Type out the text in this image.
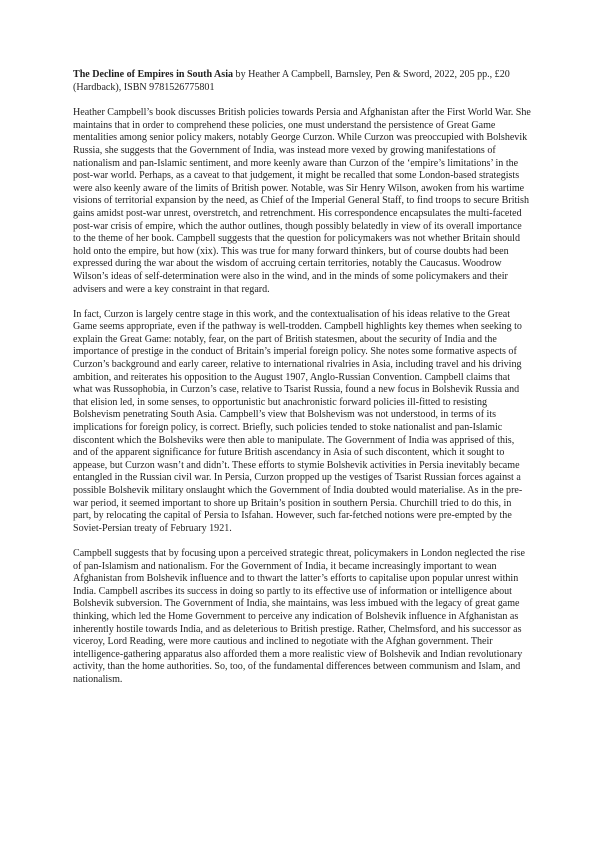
The Decline of Empires in South Asia by Heather A Campbell, Barnsley, Pen & Sword, 2022, 205 pp., £20 (Hardback), ISBN 9781526775801

Heather Campbell’s book discusses British policies towards Persia and Afghanistan after the First World War. She maintains that in order to comprehend these policies, one must understand the persistence of Great Game mentalities among senior policy makers, notably George Curzon. While Curzon was preoccupied with Bolshevik Russia, she suggests that the Government of India, was instead more vexed by growing manifestations of nationalism and pan-Islamic sentiment, and more keenly aware than Curzon of the ‘empire’s limitations’ in the post-war world. Perhaps, as a caveat to that judgement, it might be recalled that some London-based strategists were also keenly aware of the limits of British power. Notable, was Sir Henry Wilson, awoken from his wartime visions of territorial expansion by the need, as Chief of the Imperial General Staff, to find troops to secure British gains amidst post-war unrest, overstretch, and retrenchment. His correspondence encapsulates the multi-faceted post-war crisis of empire, which the author outlines, though possibly belatedly in view of its overall importance to the theme of her book. Campbell suggests that the question for policymakers was not whether Britain should hold onto the empire, but how (xix). This was true for many forward thinkers, but of course doubts had been expressed during the war about the wisdom of accruing certain territories, notably the Caucasus. Woodrow Wilson’s ideas of self-determination were also in the wind, and in the minds of some policymakers and their advisers and were a key constraint in that regard.

In fact, Curzon is largely centre stage in this work, and the contextualisation of his ideas relative to the Great Game seems appropriate, even if the pathway is well-trodden. Campbell highlights key themes when seeking to explain the Great Game: notably, fear, on the part of British statesmen, about the security of India and the importance of prestige in the conduct of Britain’s imperial foreign policy. She notes some formative aspects of Curzon’s background and early career, relative to international rivalries in Asia, including travel and his driving ambition, and reiterates his opposition to the August 1907, Anglo-Russian Convention. Campbell claims that what was Russophobia, in Curzon’s case, relative to Tsarist Russia, found a new focus in Bolshevik Russia and that elision led, in some senses, to opportunistic but anachronistic forward policies ill-fitted to resisting Bolshevism penetrating South Asia. Campbell’s view that Bolshevism was not understood, in terms of its implications for foreign policy, is correct. Briefly, such policies tended to stoke nationalist and pan-Islamic discontent which the Bolsheviks were then able to manipulate. The Government of India was apprised of this, and of the apparent significance for future British ascendancy in Asia of such discontent, which it sought to appease, but Curzon wasn’t and didn’t. These efforts to stymie Bolshevik activities in Persia inevitably became entangled in the Russian civil war. In Persia, Curzon propped up the vestiges of Tsarist Russian forces against a possible Bolshevik military onslaught which the Government of India doubted would materialise. As in the pre-war period, it seemed important to shore up Britain’s position in southern Persia. Churchill tried to do this, in part, by relocating the capital of Persia to Isfahan. However, such far-fetched notions were pre-empted by the Soviet-Persian treaty of February 1921.

Campbell suggests that by focusing upon a perceived strategic threat, policymakers in London neglected the rise of pan-Islamism and nationalism. For the Government of India, it became increasingly important to wean Afghanistan from Bolshevik influence and to thwart the latter’s efforts to capitalise upon popular unrest within India. Campbell ascribes its success in doing so partly to its effective use of information or intelligence about Bolshevik subversion. The Government of India, she maintains, was less imbued with the legacy of great game thinking, which led the Home Government to perceive any indication of Bolshevik influence in Afghanistan as inherently hostile towards India, and as deleterious to British prestige. Rather, Chelmsford, and his successor as viceroy, Lord Reading, were more cautious and inclined to negotiate with the Afghan government. Their intelligence-gathering apparatus also afforded them a more realistic view of Bolshevik and Indian revolutionary activity, than the home authorities. So, too, of the fundamental differences between communism and Islam, and nationalism.
